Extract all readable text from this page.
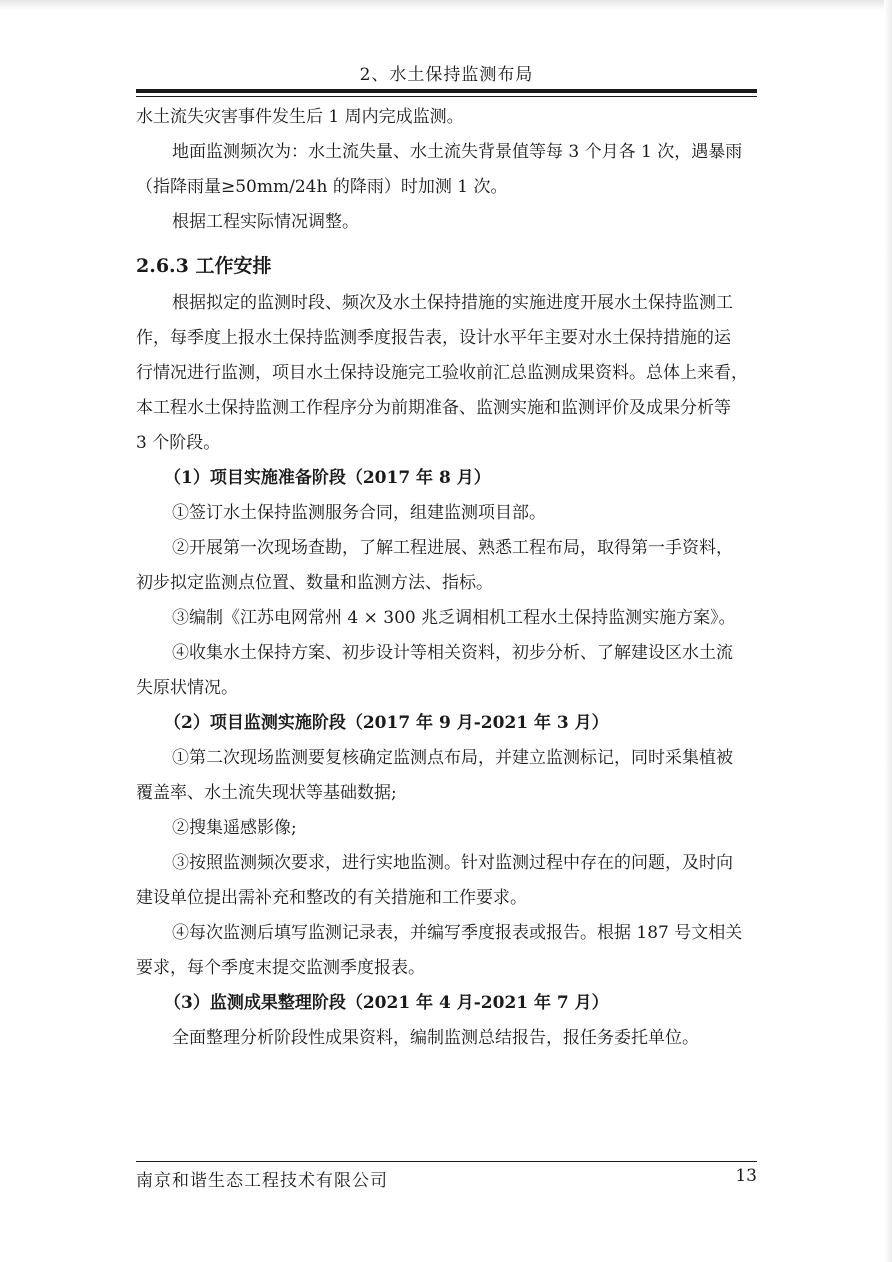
2、水土保持监测布局
水土流失灾害事件发生后 1 周内完成监测。
地面监测频次为：水土流失量、水土流失背景值等每 3 个月各 1 次，遇暴雨
（指降雨量≥50mm/24h 的降雨）时加测 1 次。
根据工程实际情况调整。
2.6.3 工作安排
根据拟定的监测时段、频次及水土保持措施的实施进度开展水土保持监测工
作，每季度上报水土保持监测季度报告表，设计水平年主要对水土保持措施的运
行情况进行监测，项目水土保持设施完工验收前汇总监测成果资料。总体上来看，
本工程水土保持监测工作程序分为前期准备、监测实施和监测评价及成果分析等
3 个阶段。
（1）项目实施准备阶段（2017 年 8 月）
①签订水土保持监测服务合同，组建监测项目部。
②开展第一次现场查勘，了解工程进展、熟悉工程布局，取得第一手资料，
初步拟定监测点位置、数量和监测方法、指标。
③编制《江苏电网常州 4 × 300 兆乏调相机工程水土保持监测实施方案》。
④收集水土保持方案、初步设计等相关资料，初步分析、了解建设区水土流
失原状情况。
（2）项目监测实施阶段（2017 年 9 月-2021 年 3 月）
①第二次现场监测要复核确定监测点布局，并建立监测标记，同时采集植被
覆盖率、水土流失现状等基础数据;
②搜集遥感影像;
③按照监测频次要求，进行实地监测。针对监测过程中存在的问题，及时向
建设单位提出需补充和整改的有关措施和工作要求。
④每次监测后填写监测记录表，并编写季度报表或报告。根据 187 号文相关
要求，每个季度末提交监测季度报表。
（3）监测成果整理阶段（2021 年 4 月-2021 年 7 月）
全面整理分析阶段性成果资料，编制监测总结报告，报任务委托单位。
南京和谐生态工程技术有限公司	13
